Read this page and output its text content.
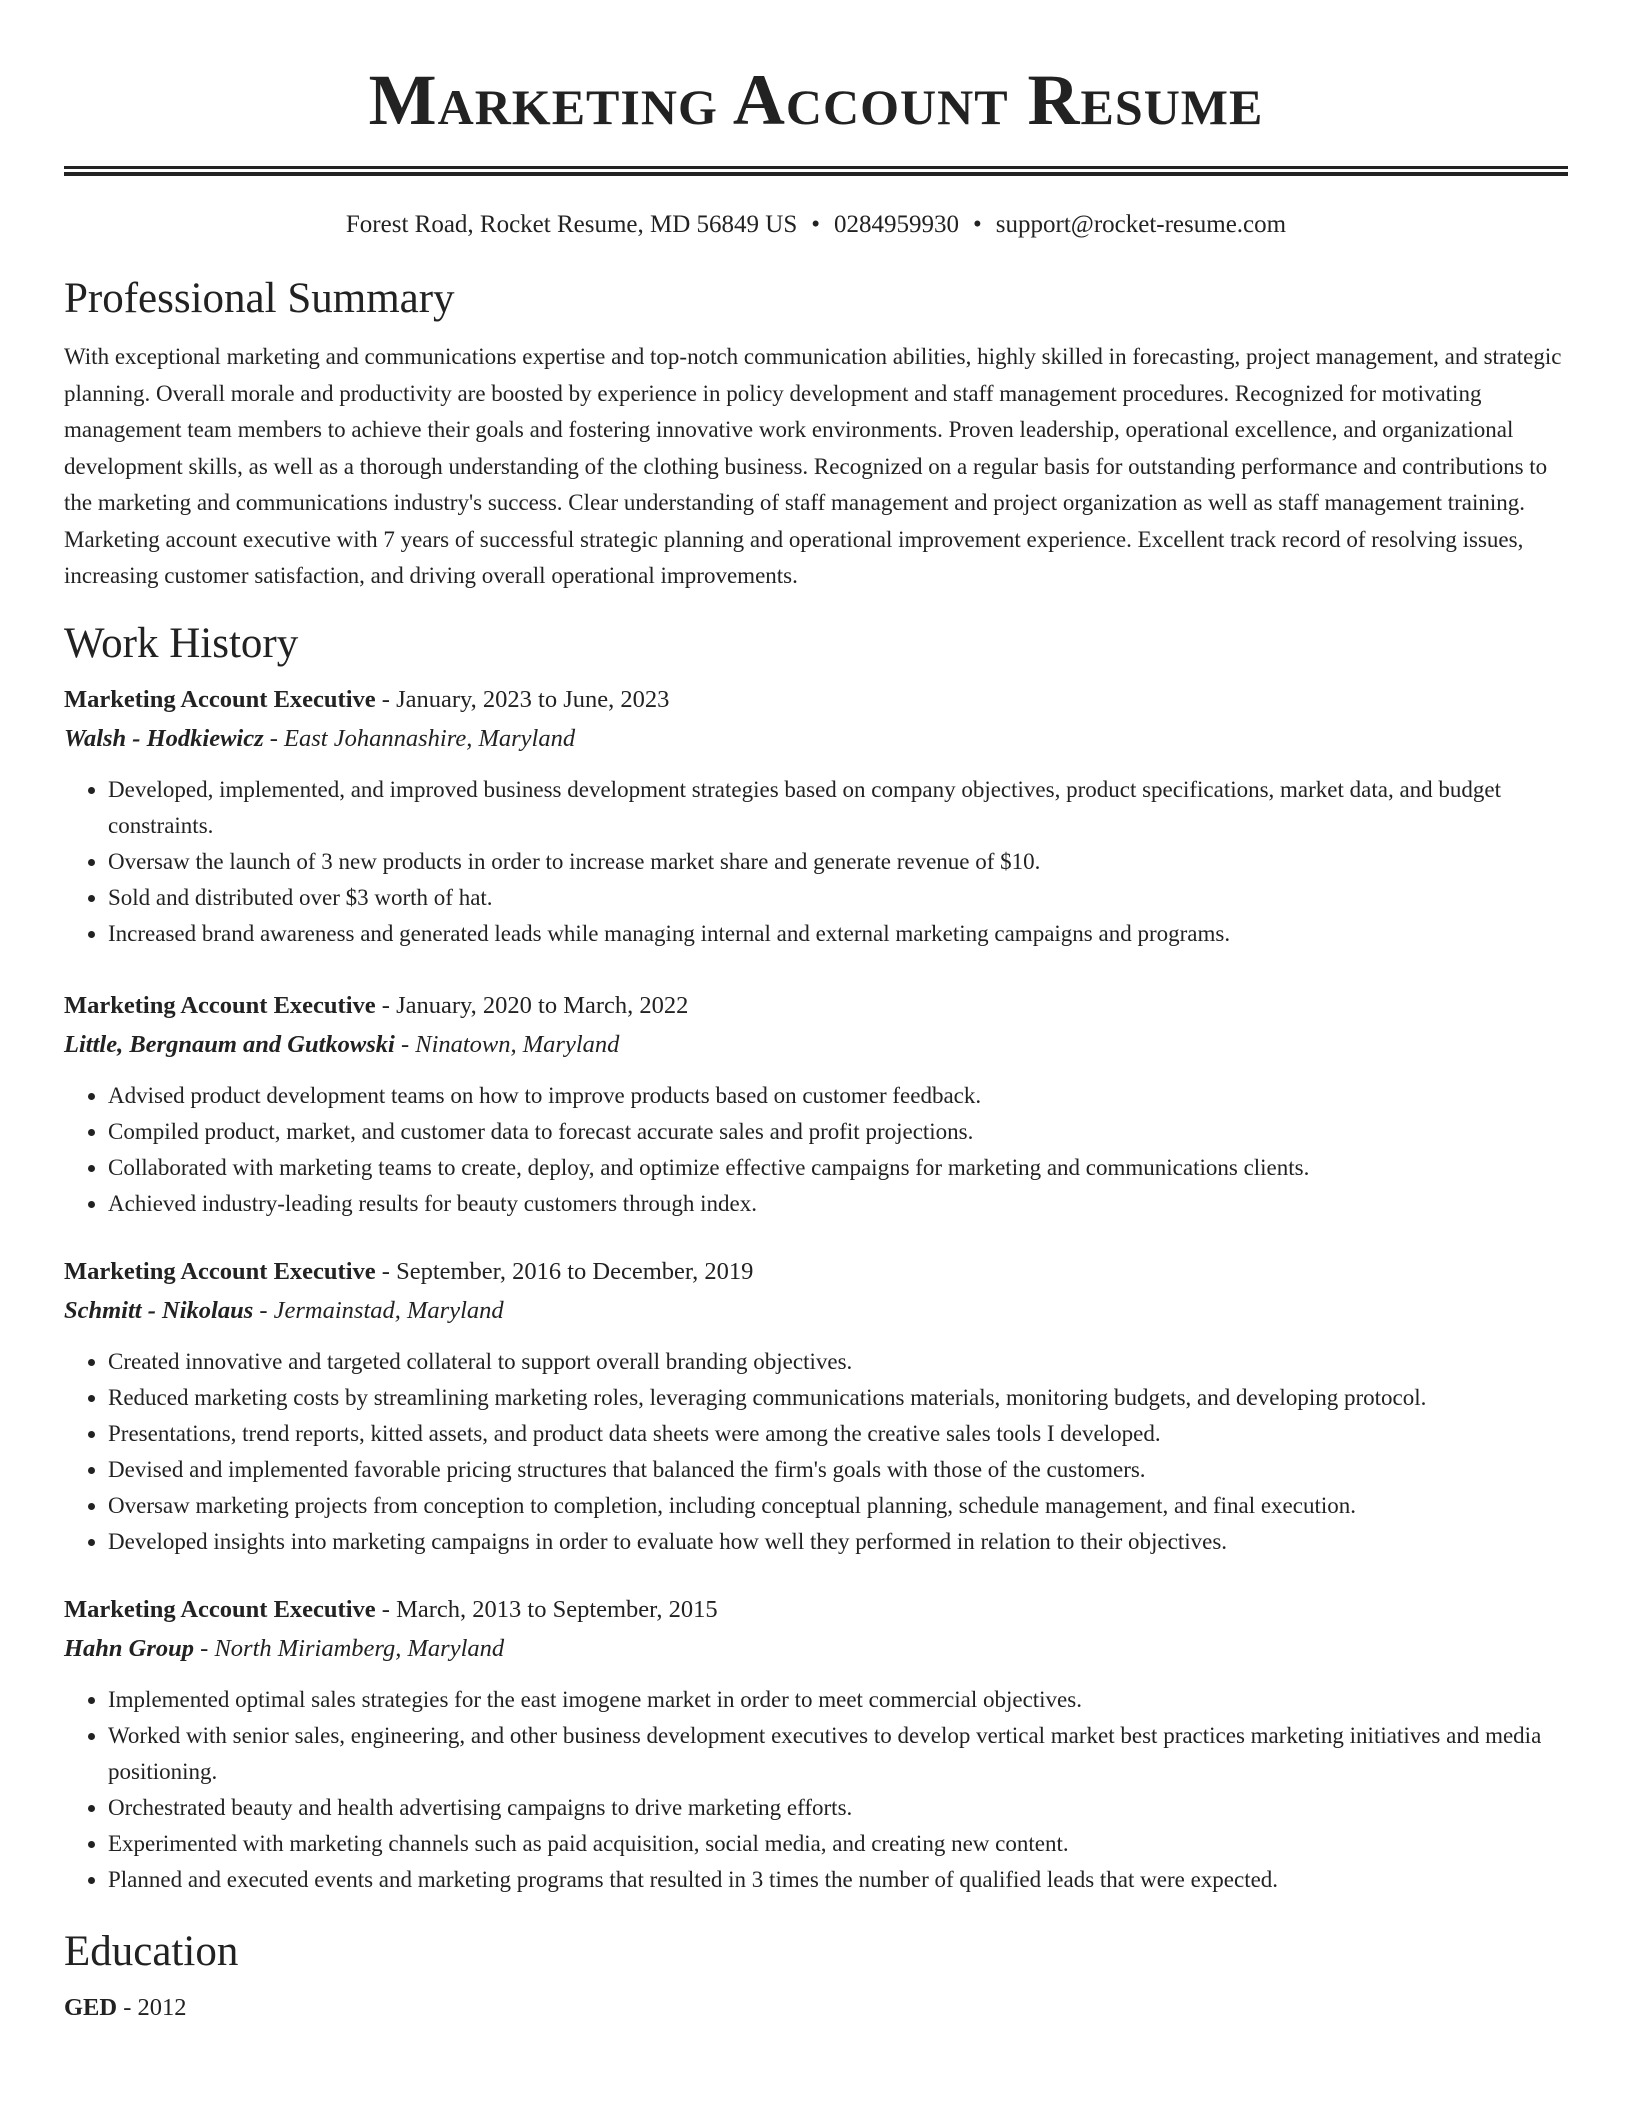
Marketing Account Resume
Forest Road, Rocket Resume, MD 56849 US • 0284959930 • support@rocket-resume.com
Professional Summary

With exceptional marketing and communications expertise and top-notch communication abilities, highly skilled in forecasting, project management, and strategic planning. Overall morale and productivity are boosted by experience in policy development and staff management procedures. Recognized for motivating management team members to achieve their goals and fostering innovative work environments. Proven leadership, operational excellence, and organizational development skills, as well as a thorough understanding of the clothing business. Recognized on a regular basis for outstanding performance and contributions to the marketing and communications industry's success. Clear understanding of staff management and project organization as well as staff management training. Marketing account executive with 7 years of successful strategic planning and operational improvement experience. Excellent track record of resolving issues, increasing customer satisfaction, and driving overall operational improvements.

Work History
Marketing Account Executive - January, 2023 to June, 2023
Walsh - Hodkiewicz - East Johannashire, Maryland
• Developed, implemented, and improved business development strategies based on company objectives, product specifications, market data, and budget constraints.
• Oversaw the launch of 3 new products in order to increase market share and generate revenue of $10.
• Sold and distributed over $3 worth of hat.
• Increased brand awareness and generated leads while managing internal and external marketing campaigns and programs.
Marketing Account Executive - January, 2020 to March, 2022
Little, Bergnaum and Gutkowski - Ninatown, Maryland
• Advised product development teams on how to improve products based on customer feedback.
• Compiled product, market, and customer data to forecast accurate sales and profit projections.
• Collaborated with marketing teams to create, deploy, and optimize effective campaigns for marketing and communications clients.
• Achieved industry-leading results for beauty customers through index.
Marketing Account Executive - September, 2016 to December, 2019
Schmitt - Nikolaus - Jermainstad, Maryland
• Created innovative and targeted collateral to support overall branding objectives.
• Reduced marketing costs by streamlining marketing roles, leveraging communications materials, monitoring budgets, and developing protocol.
• Presentations, trend reports, kitted assets, and product data sheets were among the creative sales tools I developed.
• Devised and implemented favorable pricing structures that balanced the firm's goals with those of the customers.
• Oversaw marketing projects from conception to completion, including conceptual planning, schedule management, and final execution.
• Developed insights into marketing campaigns in order to evaluate how well they performed in relation to their objectives.
Marketing Account Executive - March, 2013 to September, 2015
Hahn Group - North Miriamberg, Maryland
• Implemented optimal sales strategies for the east imogene market in order to meet commercial objectives.
• Worked with senior sales, engineering, and other business development executives to develop vertical market best practices marketing initiatives and media positioning.
• Orchestrated beauty and health advertising campaigns to drive marketing efforts.
• Experimented with marketing channels such as paid acquisition, social media, and creating new content.
• Planned and executed events and marketing programs that resulted in 3 times the number of qualified leads that were expected.
Education
GED - 2012
